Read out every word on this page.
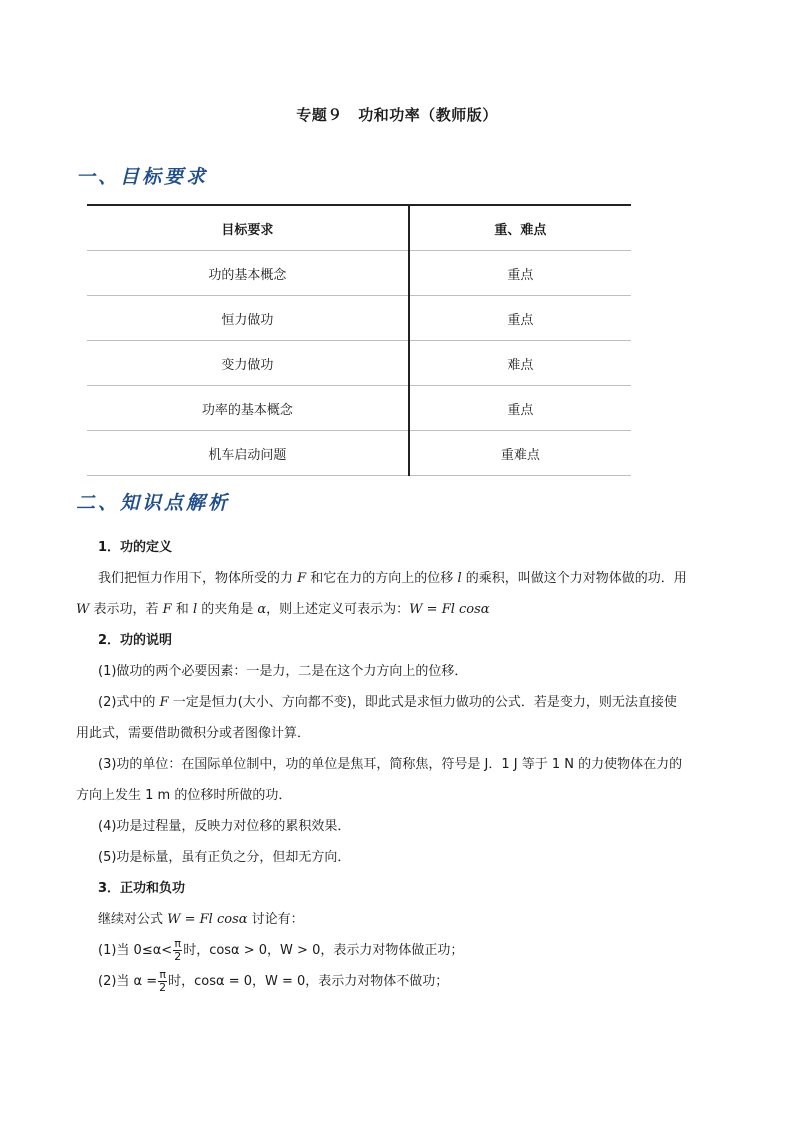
专题９　功和功率（教师版）
一、目标要求
目标要求	重、难点
功的基本概念	重点
恒力做功	重点
变力做功	难点
功率的基本概念	重点
机车启动问题	重难点
二、知识点解析

1．功的定义

我们把恒力作用下，物体所受的力 F 和它在力的方向上的位移 l 的乘积，叫做这个力对物体做的功．用

W 表示功，若 F 和 l 的夹角是 α，则上述定义可表示为：W = Fl cosα

2．功的说明

(1)做功的两个必要因素：一是力，二是在这个力方向上的位移．

(2)式中的 F 一定是恒力(大小、方向都不变)，即此式是求恒力做功的公式．若是变力，则无法直接使

用此式，需要借助微积分或者图像计算．

(3)功的单位：在国际单位制中，功的单位是焦耳，简称焦，符号是 J．1 J 等于 1 N 的力使物体在力的

方向上发生 1 m 的位移时所做的功．

(4)功是过程量，反映力对位移的累积效果．

(5)功是标量，虽有正负之分，但却无方向．

3．正功和负功

继续对公式 W = Fl cosα 讨论有：

(1)当 $0\le\alpha< \frac{\pi}{2}$ 时，cosα > 0，W > 0，表示力对物体做正功；

(2)当 $\alpha = \frac{\pi}{2}$ 时，cosα = 0，W = 0，表示力对物体不做功；
